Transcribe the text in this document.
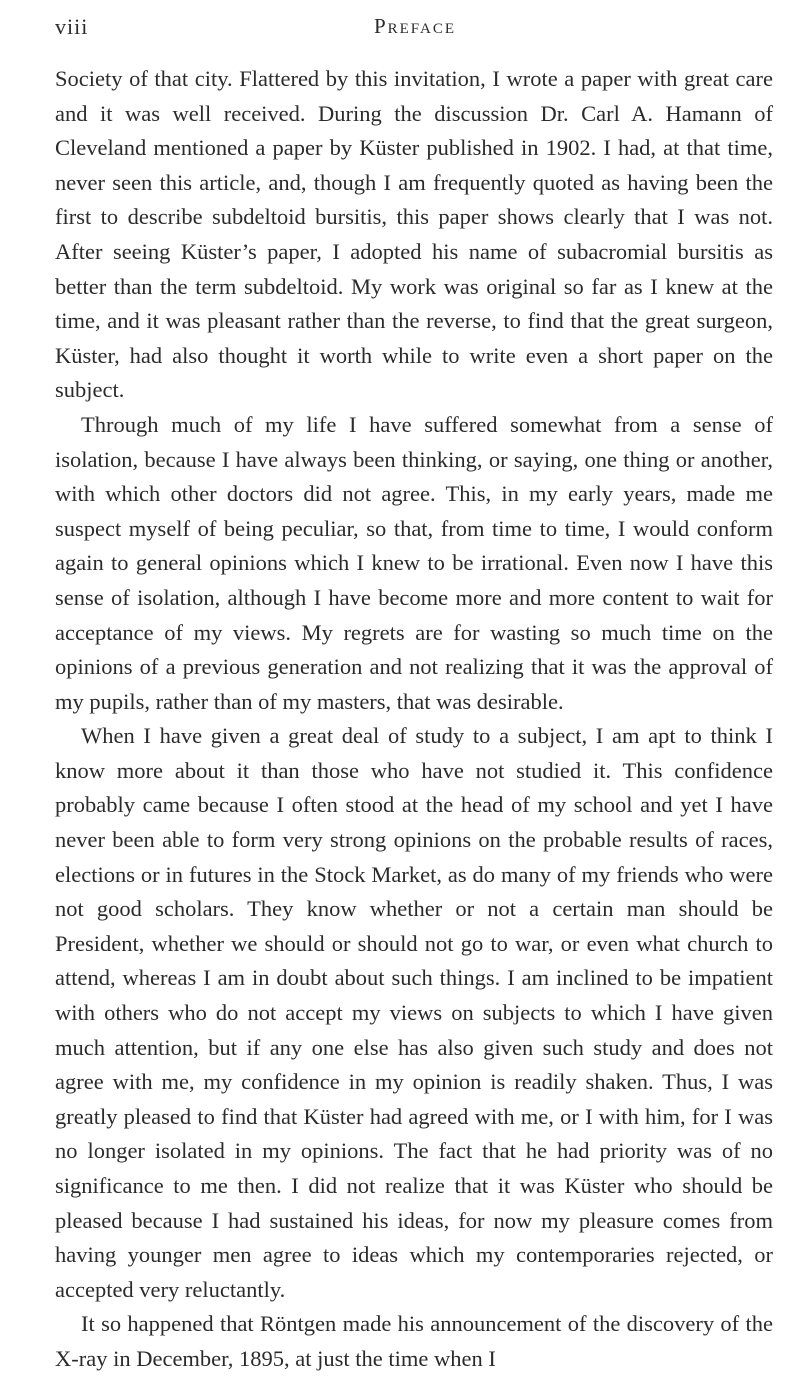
viii	Preface

Society of that city. Flattered by this invitation, I wrote a paper with great care and it was well received. During the discussion Dr. Carl A. Hamann of Cleveland mentioned a paper by Küster published in 1902. I had, at that time, never seen this article, and, though I am frequently quoted as having been the first to describe subdeltoid bursitis, this paper shows clearly that I was not. After seeing Küster’s paper, I adopted his name of subacromial bursitis as better than the term subdeltoid. My work was original so far as I knew at the time, and it was pleasant rather than the reverse, to find that the great surgeon, Küster, had also thought it worth while to write even a short paper on the subject.

Through much of my life I have suffered somewhat from a sense of isolation, because I have always been thinking, or saying, one thing or another, with which other doctors did not agree. This, in my early years, made me suspect myself of being peculiar, so that, from time to time, I would conform again to general opinions which I knew to be irrational. Even now I have this sense of isolation, although I have become more and more content to wait for acceptance of my views. My regrets are for wasting so much time on the opinions of a previous generation and not realizing that it was the approval of my pupils, rather than of my masters, that was desirable.

When I have given a great deal of study to a subject, I am apt to think I know more about it than those who have not studied it. This confidence probably came because I often stood at the head of my school and yet I have never been able to form very strong opinions on the probable results of races, elections or in futures in the Stock Market, as do many of my friends who were not good scholars. They know whether or not a certain man should be President, whether we should or should not go to war, or even what church to attend, whereas I am in doubt about such things. I am inclined to be impatient with others who do not accept my views on subjects to which I have given much attention, but if any one else has also given such study and does not agree with me, my confidence in my opinion is readily shaken. Thus, I was greatly pleased to find that Küster had agreed with me, or I with him, for I was no longer isolated in my opinions. The fact that he had priority was of no significance to me then. I did not realize that it was Küster who should be pleased because I had sustained his ideas, for now my pleasure comes from having younger men agree to ideas which my contemporaries rejected, or accepted very reluctantly.

It so happened that Röntgen made his announcement of the discovery of the X-ray in December, 1895, at just the time when I
